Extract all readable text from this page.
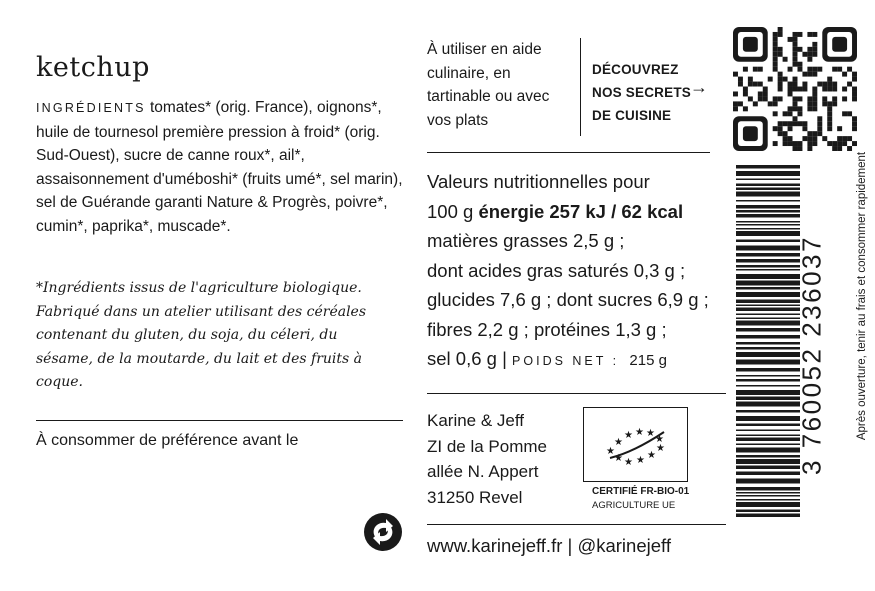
ketchup
INGRÉDIENTS tomates* (orig. France), oignons*, huile de tournesol première pression à froid* (orig. Sud-Ouest), sucre de canne roux*, ail*, assaisonnement d'uméboshi* (fruits umé*, sel marin), sel de Guérande garanti Nature & Progrès, poivre*, cumin*, paprika*, muscade*.
*Ingrédients issus de l'agriculture biologique. Fabriqué dans un atelier utilisant des céréales contenant du gluten, du soja, du céleri, du sésame, de la moutarde, du lait et des fruits à coque.
À consommer de préférence avant le
À utiliser en aide culinaire, en tartinable ou avec vos plats
DÉCOUVREZ
NOS SECRETS
DE CUISINE
→
Valeurs nutritionnelles pour
100 g énergie 257 kJ / 62 kcal
matières grasses 2,5 g ;
dont acides gras saturés 0,3 g ;
glucides 7,6 g ; dont sucres 6,9 g ;
fibres 2,2 g ; protéines 1,3 g ;
sel 0,6 g | POIDS NET : 215 g
Karine & Jeff
ZI de la Pomme
allée N. Appert
31250 Revel
★
★
★ ★ ★
★
★ ★ ★ ★
★
CERTIFIÉ FR-BIO-01
AGRICULTURE UE
www.karinejeff.fr | @karinejeff
3 760052 236037	Après ouverture, tenir au frais et consommer rapidement
